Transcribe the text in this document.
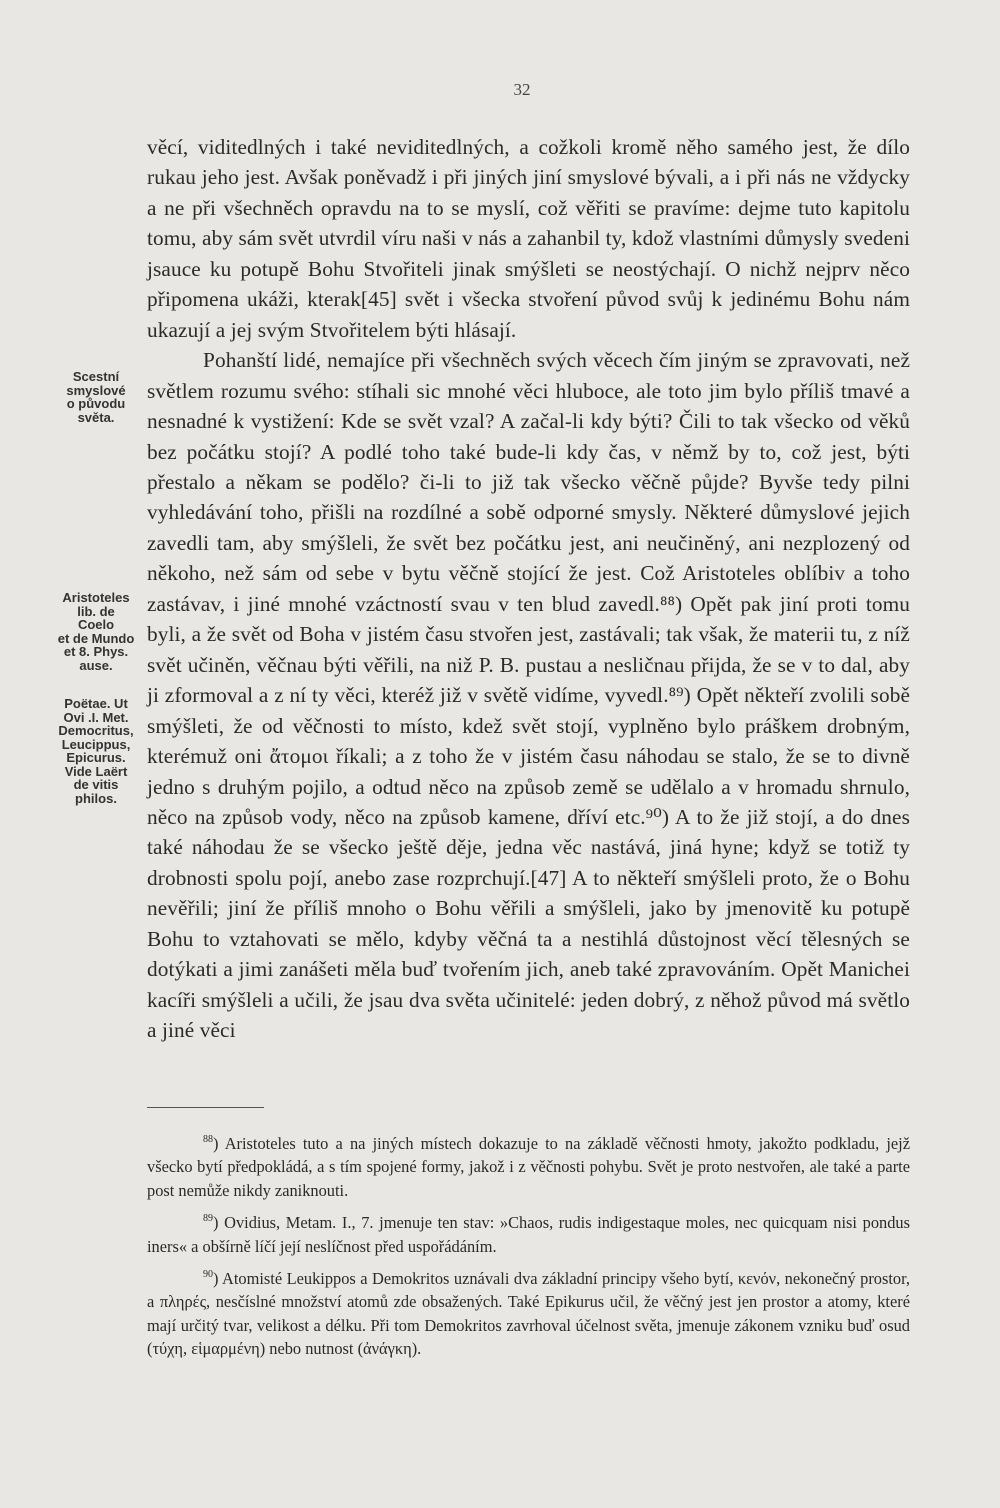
32
Scestní
smyslové
o původu
světa.
Aristoteles
lib. de
Coelo
et de Mundo
et 8. Phys.
ause.
Poëtae. Ut
Ovi .I. Met.
Democritus,
Leucippus,
Epicurus.
Vide Laërt
de vitis
philos.

věcí, viditedlných i také neviditedlných, a cožkoli kromě něho samého jest, že dílo rukau jeho jest. Avšak poněvadž i při jiných jiní smyslové bývali, a i při nás ne vždycky a ne při všechněch opravdu na to se myslí, což věřiti se pravíme: dejme tuto kapitolu tomu, aby sám svět utvrdil víru naši v nás a zahanbil ty, kdož vlastními důmysly svedeni jsauce ku potupě Bohu Stvořiteli jinak smýšleti se neostýchají. O nichž nejprv něco připomena ukáži, kterak[45] svět i všecka stvoření původ svůj k jedinému Bohu nám ukazují a jej svým Stvořitelem býti hlásají.

Pohanští lidé, nemajíce při všechněch svých věcech čím jiným se zpravovati, než světlem rozumu svého: stíhali sic mnohé věci hluboce, ale toto jim bylo příliš tmavé a nesnadné k vystižení: Kde se svět vzal? A začal-li kdy býti? Čili to tak všecko od věků bez počátku stojí? A podlé toho také bude-li kdy čas, v němž by to, což jest, býti přestalo a někam se podělo? či-li to již tak všecko věčně půjde? Byvše tedy pilni vyhledávání toho, přišli na rozdílné a sobě odporné smysly. Některé důmyslové jejich zavedli tam, aby smýšleli, že svět bez počátku jest, ani neučiněný, ani nezplozený od někoho, než sám od sebe v bytu věčně stojící že jest. Což Aristoteles oblíbiv a toho zastávav, i jiné mnohé vzáctností svau v ten blud zavedl.⁸⁸) Opět pak jiní proti tomu byli, a že svět od Boha v jistém času stvořen jest, zastávali; tak však, že materii tu, z níž svět učiněn, věčnau býti věřili, na niž P. B. pustau a nesličnau přijda, že se v to dal, aby ji zformoval a z ní ty věci, kteréž již v světě vidíme, vyvedl.⁸⁹) Opět někteří zvolili sobě smýšleti, že od věčnosti to místo, kdež svět stojí, vyplněno bylo práškem drobným, kterémuž oni ἄτομοι říkali; a z toho že v jistém času náhodau se stalo, že se to divně jedno s druhým pojilo, a odtud něco na způsob země se udělalo a v hromadu shrnulo, něco na způsob vody, něco na způsob kamene, dříví etc.⁹⁰) A to že již stojí, a do dnes také náhodau že se všecko ještě děje, jedna věc nastává, jiná hyne; když se totiž ty drobnosti spolu pojí, anebo zase rozprchují.[47] A to někteří smýšleli proto, že o Bohu nevěřili; jiní že příliš mnoho o Bohu věřili a smýšleli, jako by jmenovitě ku potupě Bohu to vztahovati se mělo, kdyby věčná ta a nestihlá důstojnost věcí tělesných se dotýkati a jimi zanášeti měla buď tvořením jich, aneb také zpravováním. Opět Manichei kacíři smýšleli a učili, že jsau dva světa učinitelé: jeden dobrý, z něhož původ má světlo a jiné věci

$^{88}$) Aristoteles tuto a na jiných místech dokazuje to na základě věčnosti hmoty, jakožto podkladu, jejž všecko bytí předpokládá, a s tím spojené formy, jakož i z věčnosti pohybu. Svět je proto nestvořen, ale také a parte post nemůže nikdy zaniknouti.

$^{89}$) Ovidius, Metam. I., 7. jmenuje ten stav: »Chaos, rudis indigestaque moles, nec quicquam nisi pondus iners« a obšírně líčí její neslíčnost před uspořádáním.

$^{90}$) Atomisté Leukippos a Demokritos uznávali dva základní principy všeho bytí, κενόν, nekonečný prostor, a πληρές, nesčíslné množství atomů zde obsažených. Také Epikurus učil, že věčný jest jen prostor a atomy, které mají určitý tvar, velikost a délku. Při tom Demokritos zavrhoval účelnost světa, jmenuje zákonem vzniku buď osud (τύχη, εἱμαρμένη) nebo nutnost (ἀνάγκη).
